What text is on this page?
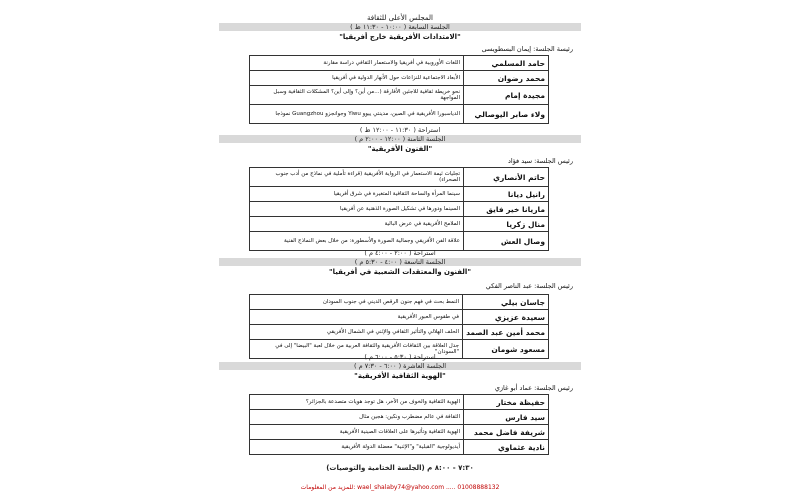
المجلس الأعلى للثقافة
الجلسة السابعة ( ١٠:٠٠ - ١١:٣٠ ظ )
"الامتدادات الأفريقية خارج أفريقيا"
رئيسة الجلسة: إيمان البسطويسى
حامد المسلمي	اللغات الأوروبية في أفريقيا والاستعمار الثقافي دراسة مقارنة
محمد رضوان	الأبعاد الاجتماعية للنزاعات حول الأنهار الدولية في أفريقيا
مجيدة إمام	نحو خريطة ثقافية للاجئين الأفارقة (...من أين؟ وإلى أين؟ المشكلات الثقافية وسبل المواجهة
ولاء صابر اليوصالي	الدياسبورا الأفريقية في الصين، مدينتي ييوو Yiwu وجوانجزو Guangzhou نموذجا
استراحة ( ١١:٣٠ - ١٢:٠٠ ظ )
الجلسة الثامنة ( ١٢:٠٠ - ٢:٠٠ م )
"الفنون الأفريقية"
رئيس الجلسة: سيد فؤاد
حاتم الأنصاري	تجليات ثيمة الاستعمار في الرواية الأفريقية (قراءة تأملية في نماذج من أدب جنوب الصحراء)
رانيل ديانا	سينما المرأة والساحة الثقافية المتغيرة في شرق أفريقيا
ماريانا خير فايق	السينما ودورها في تشكيل الصورة الذهنية عن أفريقيا
منال زكريا	الملامح الأفريقية في عرض البالية
وصال العش	علاقة الفن الأفريقي وجمالية الصورة والأسطورة: من خلال بعض النماذج الفنية
استراحة ( ٢:٠٠ - ٤:٠٠ م )
الجلسة التاسعة ( ٤:٠٠ - ٥:٣٠ م )
"الفنون والمعتقدات الشعبية في أفريقيا"
رئيس الجلسة: عبد الناصر الفكي
جاسان بيلي	النمط بحث في فهم جنون الرقص الديني في جنوب السودان
سعيدة عزيزي	في طقوس العبور الأفريقية
محمد أمين عبد الصمد	الحلف الهلالي والتأثير الثقافي والإثني في الشمال الأفريقي
مسعود شومان	جدل العلاقة بين الثقافات الأفريقية والثقافة العربية من خلال لعبة "البيضا" إلى في "السودان"
استراحة ( ٥:٣٠ - ٦:٠٠ م )
الجلسة العاشرة ( ٦:٠٠ - ٧:٣٠ م )
"الهوية الثقافية الأفريقية"
رئيس الجلسة: عماد أبو غازي
حفيظة مختار	الهوية الثقافية والخوف من الآخر، هل توجد هويات متصدعة بالجزائر؟
سيد فارس	الثقافة في عالم مضطرب ونكين: هجين مثال
شريفة فاضل محمد	الهوية الثقافية وتأثيرها على العلاقات الصينية الأفريقية
نادية عثماوي	أيديولوجية "القبلية" و"الإثنية" معضلة الدولة الأفريقية
٧:٣٠ - ٨:٠٠ م (الجلسة الختامية والتوصيات)
للمزيد من المعلومات: wael_shalaby74@yahoo.com ..... 01008888132
